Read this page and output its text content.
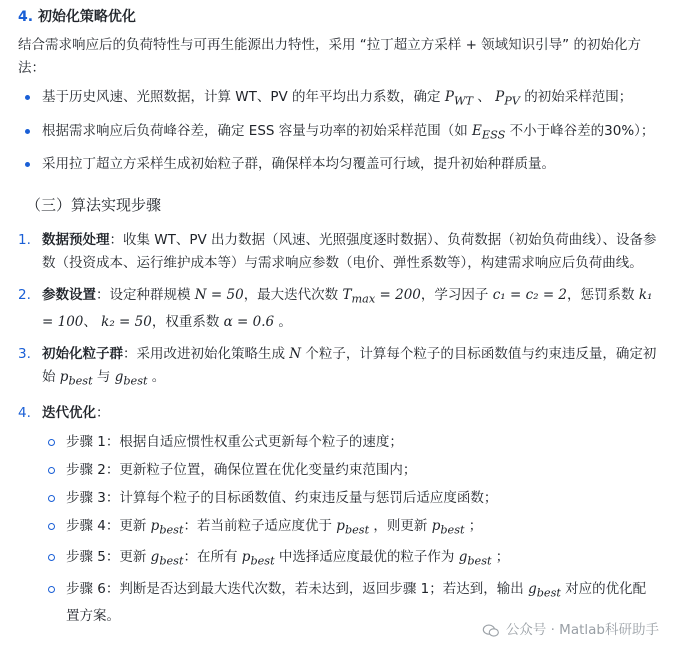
4. 初始化策略优化

结合需求响应后的负荷特性与可再生能源出力特性，采用 “拉丁超立方采样 + 领域知识引导” 的初始化方法：

基于历史风速、光照数据，计算 WT、PV 的年平均出力系数，确定 $P_{WT}$ 、 $P_{PV}$ 的初始采样范围；
根据需求响应后负荷峰谷差，确定 ESS 容量与功率的初始采样范围（如 $E_{ESS}$ 不小于峰谷差的30%）；
采用拉丁超立方采样生成初始粒子群，确保样本均匀覆盖可行域，提升初始种群质量。
（三）算法实现步骤
1. 数据预处理：收集 WT、PV 出力数据（风速、光照强度逐时数据）、负荷数据（初始负荷曲线）、设备参数（投资成本、运行维护成本等）与需求响应参数（电价、弹性系数等），构建需求响应后负荷曲线。
2. 参数设置：设定种群规模 N = 50，最大迭代次数 $T_{max} = 200$，学习因子 c₁ = c₂ = 2，惩罚系数 k₁ = 100、 k₂ = 50，权重系数 α = 0.6 。
3. 初始化粒子群：采用改进初始化策略生成 N 个粒子，计算每个粒子的目标函数值与约束违反量，确定初始 $p_{best}$ 与 $g_{best}$ 。
4. 迭代优化：
步骤 1：根据自适应惯性权重公式更新每个粒子的速度；
步骤 2：更新粒子位置，确保位置在优化变量约束范围内；
步骤 3：计算每个粒子的目标函数值、约束违反量与惩罚后适应度函数；
步骤 4：更新 $p_{best}$：若当前粒子适应度优于 $p_{best}$ ，则更新 $p_{best}$ ；
步骤 5：更新 $g_{best}$：在所有 $p_{best}$ 中选择适应度最优的粒子作为 $g_{best}$ ；
步骤 6：判断是否达到最大迭代次数，若未达到，返回步骤 1；若达到，输出 $g_{best}$ 对应的优化配置方案。
公众号 · Matlab科研助手
